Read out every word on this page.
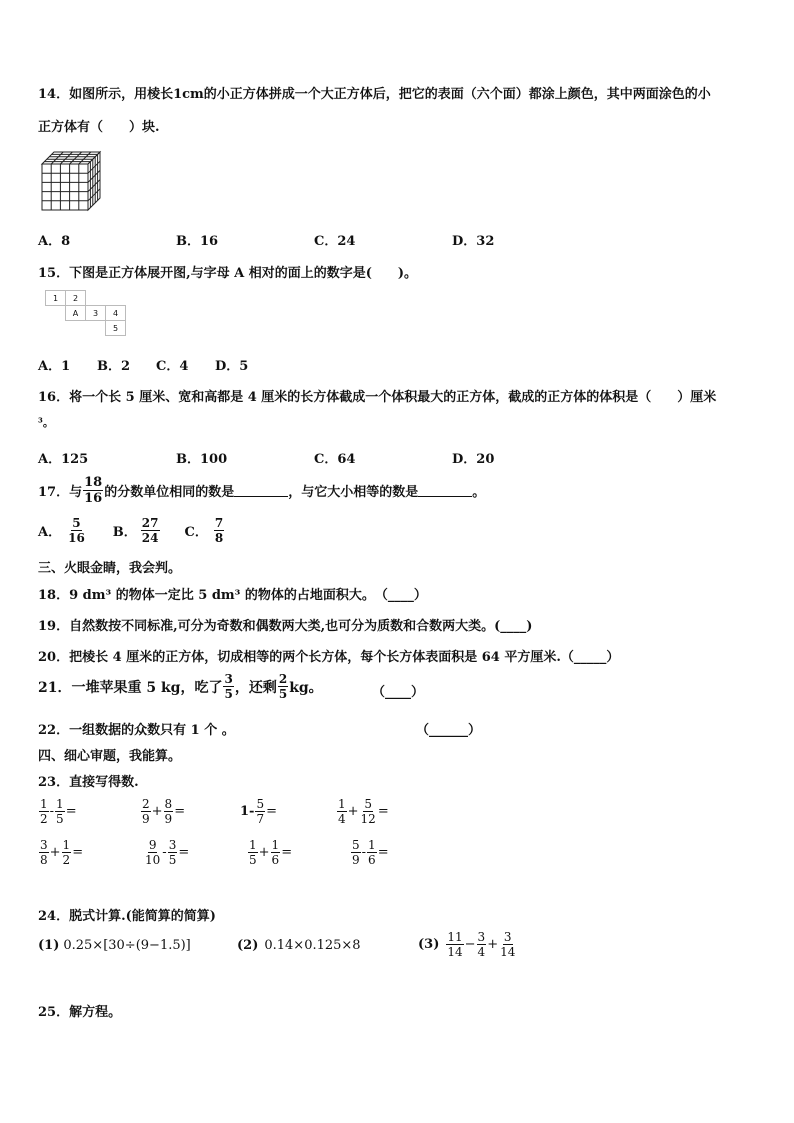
14．如图所示，用棱长1cm的小正方体拼成一个大正方体后，把它的表面（六个面）都涂上颜色，其中两面涂色的小
正方体有（　　）块.
A．8	B．16	C．24	D．32
15．下图是正方体展开图,与字母 A 相对的面上的数字是(　　)。
1	2		
	A	3	4
			5
A．1 B．2 C．4 D．5
16．将一个长 5 厘米、宽和高都是 4 厘米的长方体截成一个体积最大的正方体，截成的正方体的体积是（　　）厘米
³。
A．125	B．100	C．64	D．20
17．与 $\frac{18}{16}$ 的分数单位相同的数是	，与它大小相等的数是	。
A． $\frac{5}{16}$ B． $\frac{27}{24}$ C． $\frac{7}{8}$
三、火眼金睛，我会判。
18．9 dm³ 的物体一定比 5 dm³ 的物体的占地面积大。　（____）
19．自然数按不同标准,可分为奇数和偶数两大类,也可分为质数和合数两大类。(____)
20．把棱长 4 厘米的正方体，切成相等的两个长方体，每个长方体表面积是 64 平方厘米.（_____）
21．一堆苹果重 5 kg，吃了 $\frac{3}{5}$ ，还剩 $\frac{2}{5}$ kg。	（____）
22．一组数据的众数只有 1 个 。	（______）
四、细心审题，我能算。
23．直接写得数.
$\frac{1}{2} - \frac{1}{5}$ =	$\frac{2}{9} + \frac{8}{9}$ =	$1- \frac{5}{7}$ =	$\frac{1}{4} + \frac{5}{12}$ =
$\frac{3}{8} + \frac{1}{2}$ =	$\frac{9}{10} - \frac{3}{5}$ =	$\frac{1}{5} + \frac{1}{6}$ =	$\frac{5}{9} - \frac{1}{6}$ =
24．脱式计算.(能简算的简算)
(1) 0.25×[30÷(9−1.5)]	(2) 0.14×0.125×8	$(3) \frac{11}{14} - \frac{3}{4} + \frac{3}{14}$
25．解方程。
